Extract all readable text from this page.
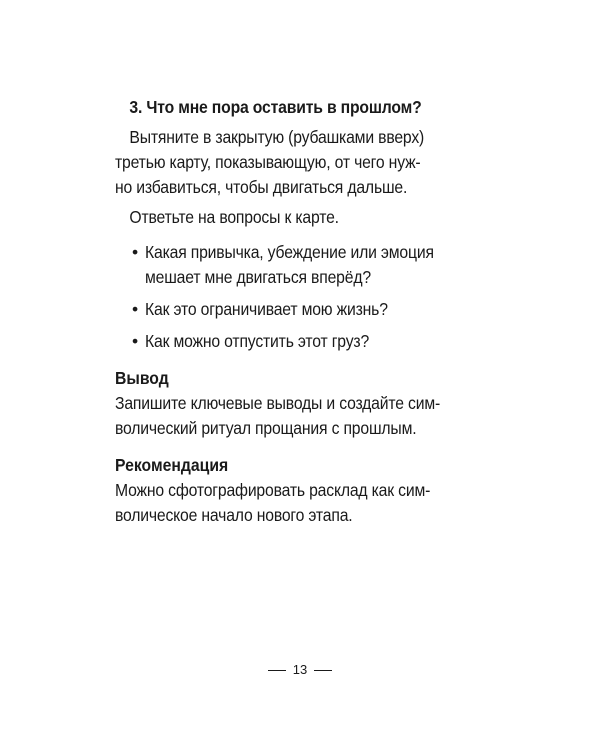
3. Что мне пора оставить в прошлом?
Вытяните в закрытую (рубашками вверх)
третью карту, показывающую, от чего нуж-
но избавиться, чтобы двигаться дальше.
Ответьте на вопросы к карте.
• Какая привычка, убеждение или эмоция
мешает мне двигаться вперёд?
• Как это ограничивает мою жизнь?
• Как можно отпустить этот груз?
Вывод
Запишите ключевые выводы и создайте сим-
волический ритуал прощания с прошлым.
Рекомендация
Можно сфотографировать расклад как сим-
волическое начало нового этапа.
13
